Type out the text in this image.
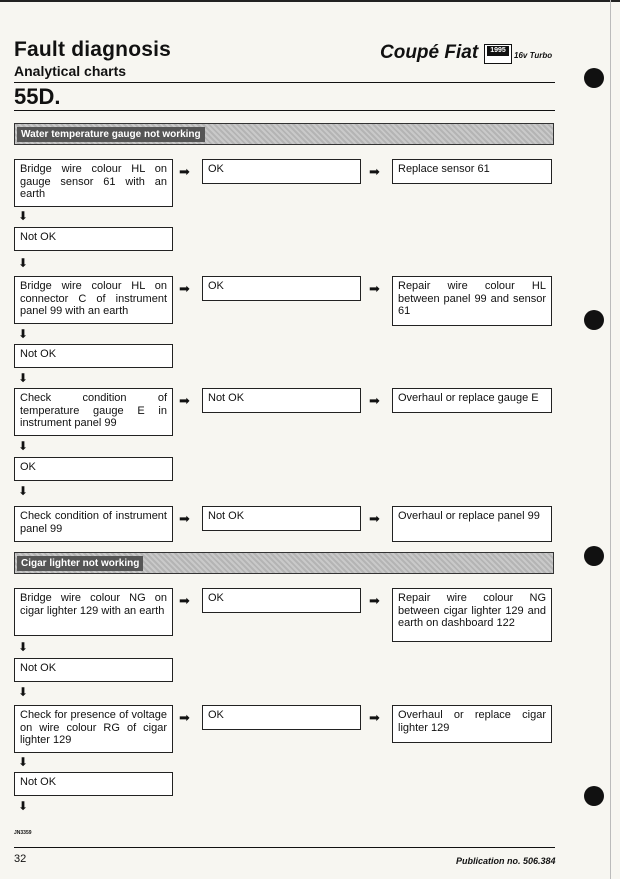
Fault diagnosis
Analytical charts
Coupé Fiat	1995
16v Turbo
55D.
Water temperature gauge not working
Bridge wire colour HL on gauge sensor 61 with an earth
➡	OK	➡	Replace sensor 61
⬇
Not OK
⬇
Bridge wire colour HL on connector C of instrument panel 99 with an earth
➡	OK	➡	Repair wire colour HL between panel 99 and sensor 61
⬇
Not OK
⬇
Check condition of temperature gauge E in instrument panel 99
➡	Not OK	➡	Overhaul or replace gauge E
⬇
OK
⬇
Check condition of instrument panel 99
➡	Not OK	➡	Overhaul or replace panel 99
Cigar lighter not working
Bridge wire colour NG on cigar lighter 129 with an earth
➡	OK	➡	Repair wire colour NG between cigar lighter 129 and earth on dashboard 122
⬇
Not OK
⬇
Check for presence of voltage on wire colour RG of cigar lighter 129
➡	OK	➡	Overhaul or replace cigar lighter 129
⬇
Not OK
⬇
JN3359
32	Publication no. 506.384
